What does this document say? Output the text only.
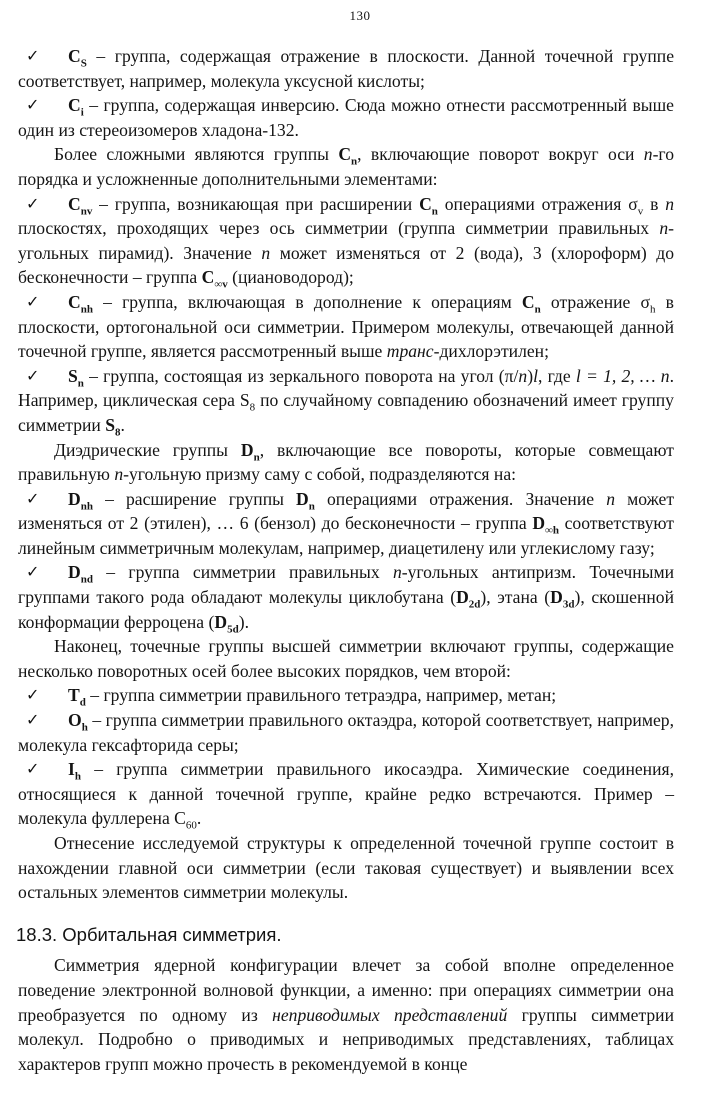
130

✓ $C_S$ – группа, содержащая отражение в плоскости. Данной точечной группе соответствует, например, молекула уксусной кислоты;

✓ $C_i$ – группа, содержащая инверсию. Сюда можно отнести рассмотренный выше один из стереоизомеров хладона-132.

Более сложными являются группы $C_n$, включающие поворот вокруг оси n-го порядка и усложненные дополнительными элементами:

✓ $C_{nv}$ – группа, возникающая при расширении $C_n$ операциями отражения $\sigma_v$ в n плоскостях, проходящих через ось симметрии (группа симметрии правильных n-угольных пирамид). Значение n может изменяться от 2 (вода), 3 (хлороформ) до бесконечности – группа $C_{\infty v}$ (циановодород);

✓ $C_{nh}$ – группа, включающая в дополнение к операциям $C_n$ отражение $\sigma_h$ в плоскости, ортогональной оси симметрии. Примером молекулы, отвечающей данной точечной группе, является рассмотренный выше транс-дихлорэтилен;

✓ $S_n$ – группа, состоящая из зеркального поворота на угол (π/n)l, где l = 1, 2, … n. Например, циклическая сера $S_8$ по случайному совпадению обозначений имеет группу симметрии $S_8$.

Диэдрические группы $D_n$, включающие все повороты, которые совмещают правильную n-угольную призму саму с собой, подразделяются на:

✓ $D_{nh}$ – расширение группы $D_n$ операциями отражения. Значение n может изменяться от 2 (этилен), … 6 (бензол) до бесконечности – группа $D_{\infty h}$ соответствуют линейным симметричным молекулам, например, диацетилену или углекислому газу;

✓ $D_{nd}$ – группа симметрии правильных n-угольных антипризм. Точечными группами такого рода обладают молекулы циклобутана $(D_{2d})$, этана $(D_{3d})$, скошенной конформации ферроцена $(D_{5d})$.

Наконец, точечные группы высшей симметрии включают группы, содержащие несколько поворотных осей более высоких порядков, чем второй:

✓ $T_d$ – группа симметрии правильного тетраэдра, например, метан;

✓ $O_h$ – группа симметрии правильного октаэдра, которой соответствует, например, молекула гексафторида серы;

✓ $I_h$ – группа симметрии правильного икосаэдра. Химические соединения, относящиеся к данной точечной группе, крайне редко встречаются. Пример – молекула фуллерена $C_{60}$.

Отнесение исследуемой структуры к определенной точечной группе состоит в нахождении главной оси симметрии (если таковая существует) и выявлении всех остальных элементов симметрии молекулы.

18.3. Орбитальная симметрия.

Симметрия ядерной конфигурации влечет за собой вполне определенное поведение электронной волновой функции, а именно: при операциях симметрии она преобразуется по одному из неприводимых представлений группы симметрии молекул. Подробно о приводимых и неприводимых представлениях, таблицах характеров групп можно прочесть в рекомендуемой в конце
